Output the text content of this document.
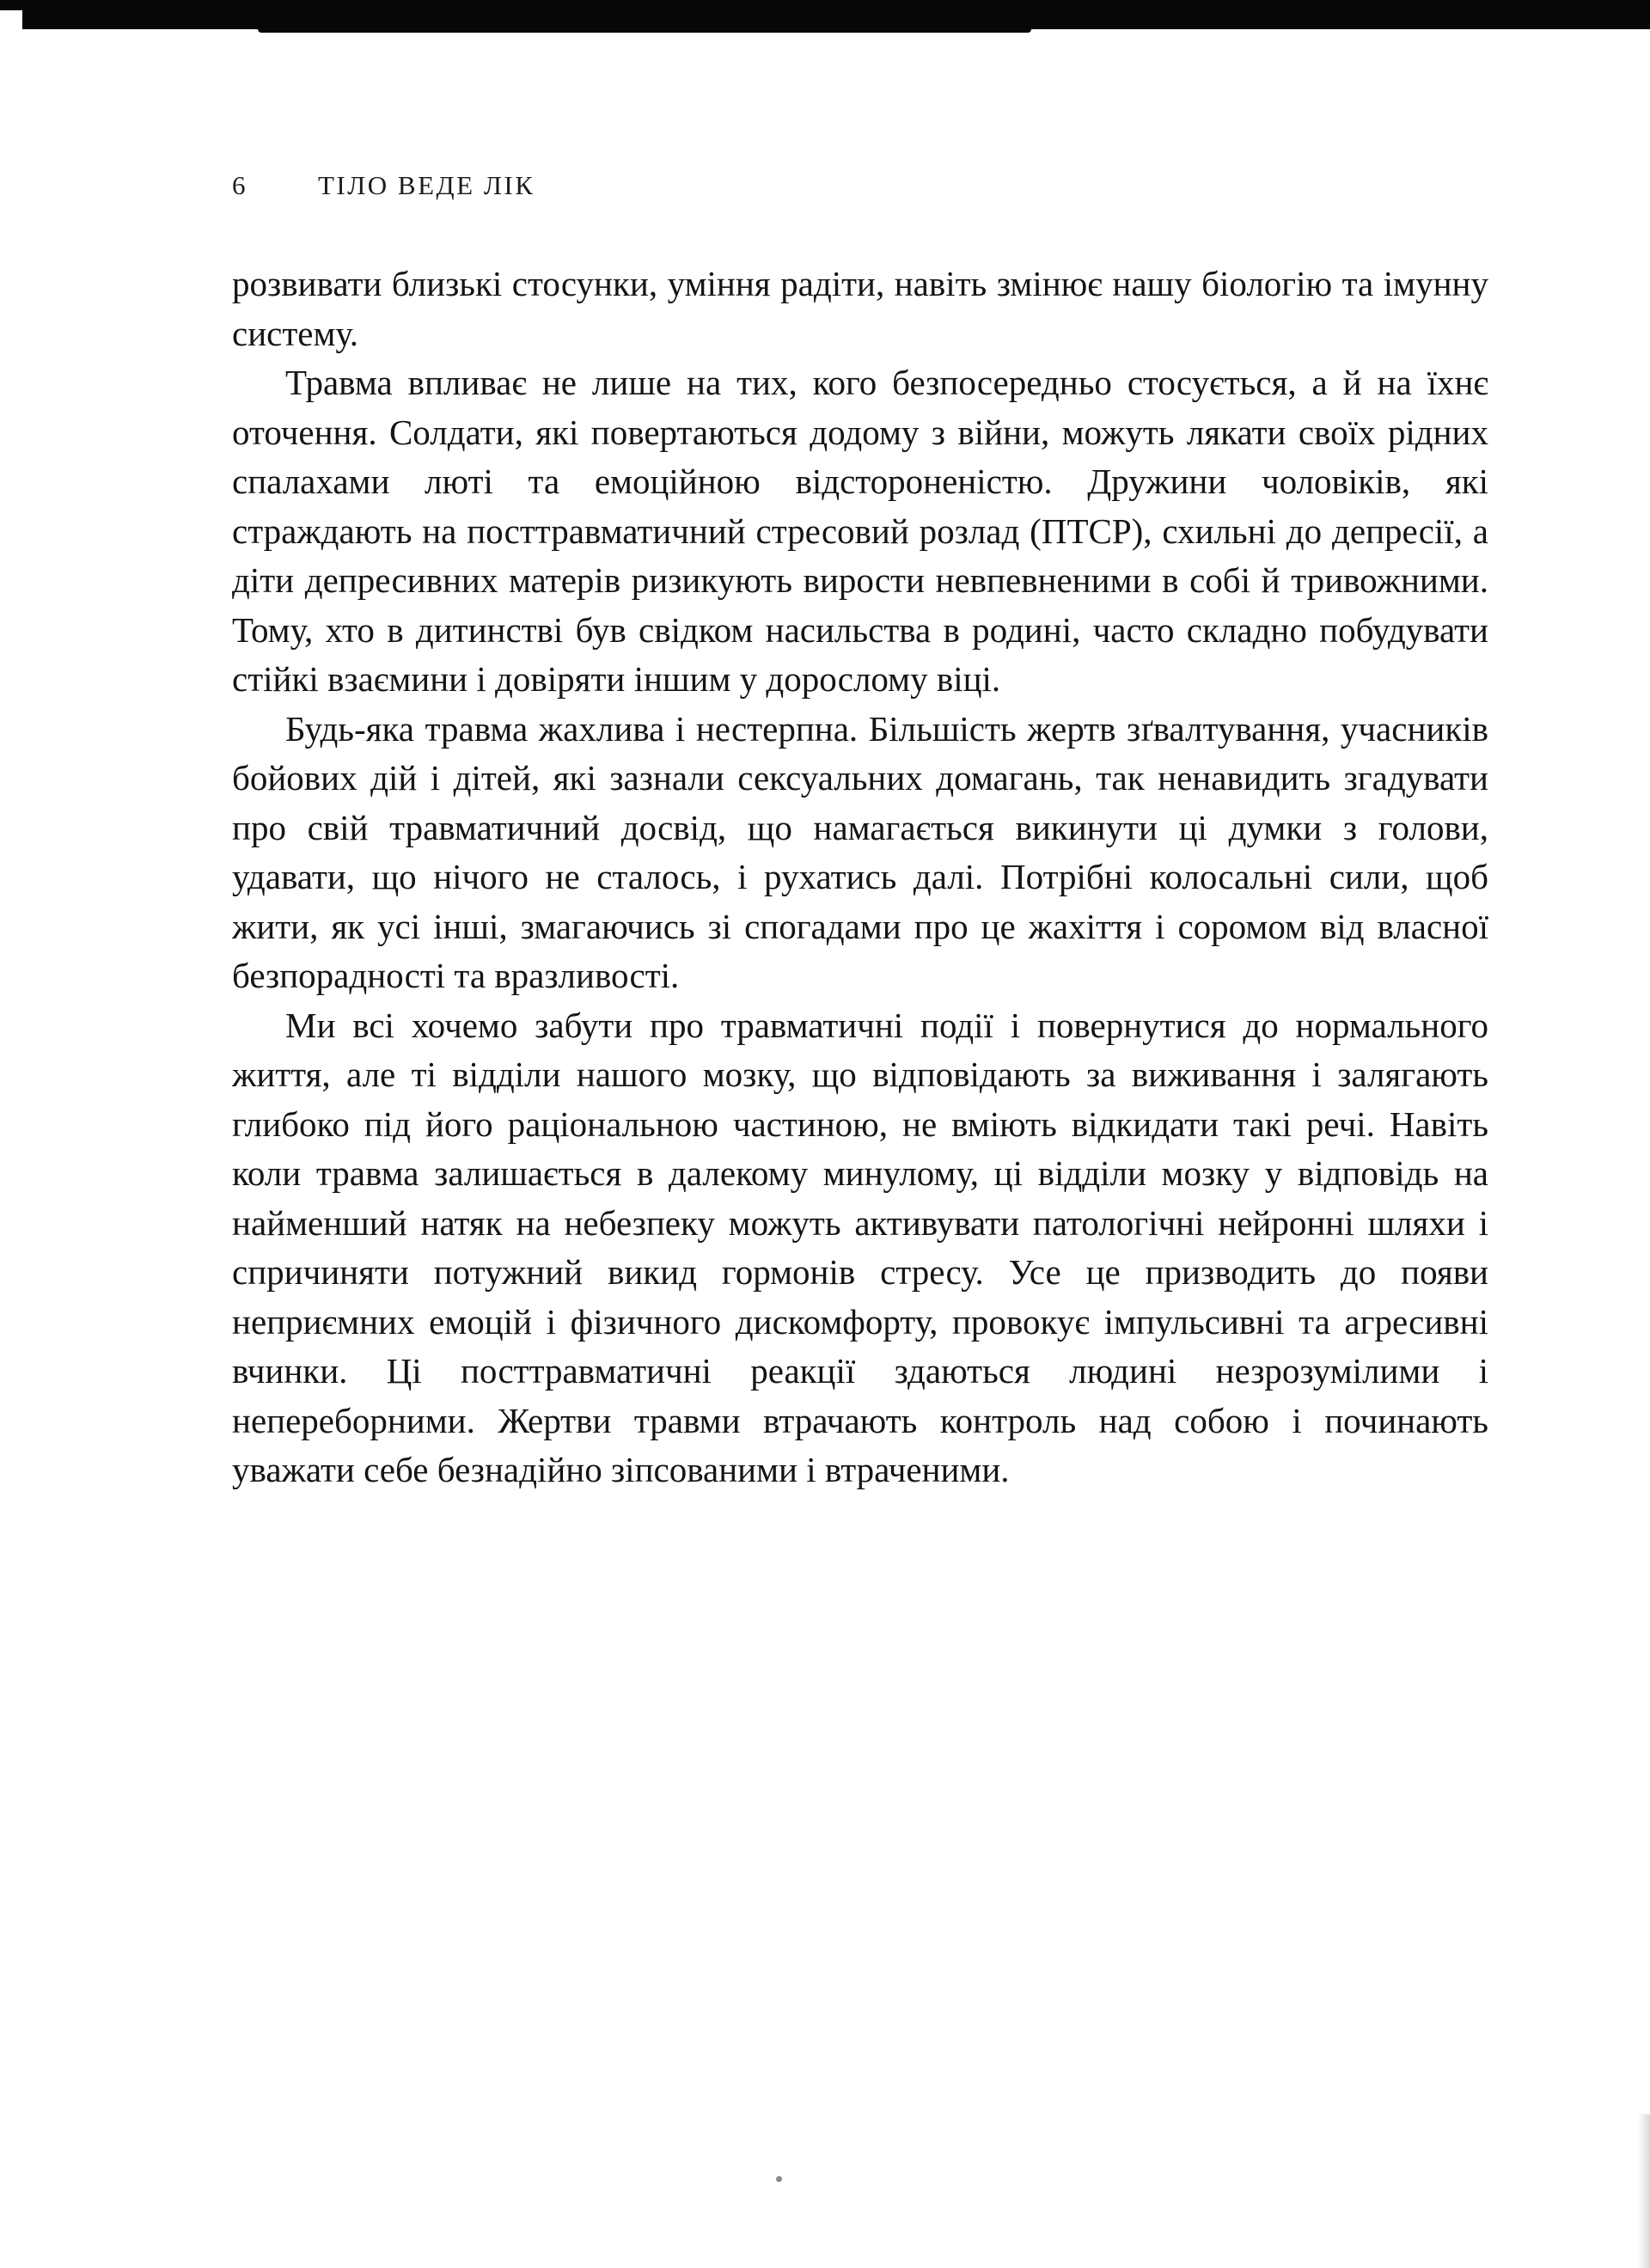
6	ТІЛО ВЕДЕ ЛІК

розвивати близькі стосунки, уміння радіти, навіть змінює нашу біологію та імунну систему.

Травма впливає не лише на тих, кого безпосередньо стосується, а й на їхнє оточення. Солдати, які повертаються додому з війни, можуть лякати своїх рідних спалахами люті та емоційною відстороненістю. Дружини чоловіків, які страждають на посттравматичний стресовий розлад (ПТСР), схильні до депресії, а діти депресивних матерів ризикують вирости невпевненими в собі й тривожними. Тому, хто в дитинстві був свідком насильства в родині, часто складно побудувати стійкі взаємини і довіряти іншим у дорослому віці.

Будь-яка травма жахлива і нестерпна. Більшість жертв зґвалтування, учасників бойових дій і дітей, які зазнали сексуальних домагань, так ненавидить згадувати про свій травматичний досвід, що намагається викинути ці думки з голови, удавати, що нічого не сталось, і рухатись далі. Потрібні колосальні сили, щоб жити, як усі інші, змагаючись зі спогадами про це жахіття і соромом від власної безпорадності та вразливості.

Ми всі хочемо забути про травматичні події і повернутися до нормального життя, але ті відділи нашого мозку, що відповідають за виживання і залягають глибоко під його раціональною частиною, не вміють відкидати такі речі. Навіть коли травма залишається в далекому минулому, ці відділи мозку у відповідь на найменший натяк на небезпеку можуть активувати патологічні нейронні шляхи і спричиняти потужний викид гормонів стресу. Усе це призводить до появи неприємних емоцій і фізичного дискомфорту, провокує імпульсивні та агресивні вчинки. Ці посттравматичні реакції здаються людині незрозумілими і непереборними. Жертви травми втрачають контроль над собою і починають уважати себе безнадійно зіпсованими і втраченими.
